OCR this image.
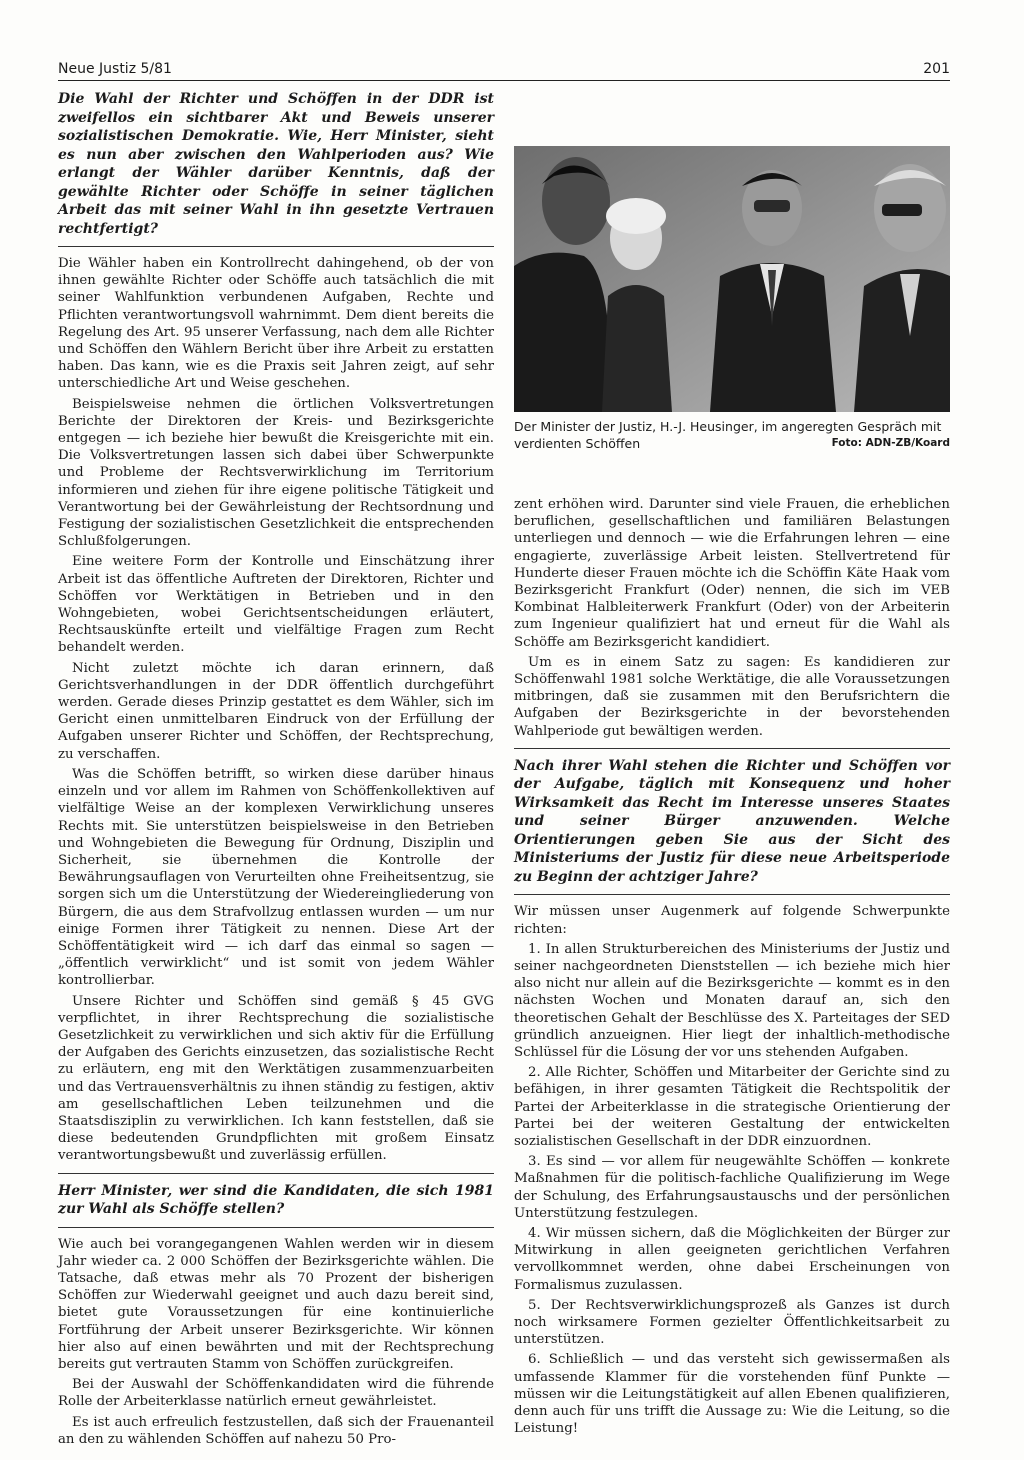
Neue Justiz 5/81	201

Die Wahl der Richter und Schöffen in der DDR ist zweifellos ein sichtbarer Akt und Beweis unserer sozialistischen Demokratie. Wie, Herr Minister, sieht es nun aber zwischen den Wahlperioden aus? Wie erlangt der Wähler darüber Kenntnis, daß der gewählte Richter oder Schöffe in seiner täglichen Arbeit das mit seiner Wahl in ihn gesetzte Vertrauen rechtfertigt?

Die Wähler haben ein Kontrollrecht dahingehend, ob der von ihnen gewählte Richter oder Schöffe auch tatsächlich die mit seiner Wahlfunktion verbundenen Aufgaben, Rechte und Pflichten verantwortungsvoll wahrnimmt. Dem dient bereits die Regelung des Art. 95 unserer Verfassung, nach dem alle Richter und Schöffen den Wählern Bericht über ihre Arbeit zu erstatten haben. Das kann, wie es die Praxis seit Jahren zeigt, auf sehr unterschiedliche Art und Weise geschehen.

Beispielsweise nehmen die örtlichen Volksvertretungen Berichte der Direktoren der Kreis- und Bezirksgerichte entgegen — ich beziehe hier bewußt die Kreisgerichte mit ein. Die Volksvertretungen lassen sich dabei über Schwerpunkte und Probleme der Rechtsverwirklichung im Territorium informieren und ziehen für ihre eigene politische Tätigkeit und Verantwortung bei der Gewährleistung der Rechtsordnung und Festigung der sozialistischen Gesetzlichkeit die entsprechenden Schlußfolgerungen.

Eine weitere Form der Kontrolle und Einschätzung ihrer Arbeit ist das öffentliche Auftreten der Direktoren, Richter und Schöffen vor Werktätigen in Betrieben und in den Wohngebieten, wobei Gerichtsentscheidungen erläutert, Rechtsauskünfte erteilt und vielfältige Fragen zum Recht behandelt werden.

Nicht zuletzt möchte ich daran erinnern, daß Gerichtsverhandlungen in der DDR öffentlich durchgeführt werden. Gerade dieses Prinzip gestattet es dem Wähler, sich im Gericht einen unmittelbaren Eindruck von der Erfüllung der Aufgaben unserer Richter und Schöffen, der Rechtsprechung, zu verschaffen.

Was die Schöffen betrifft, so wirken diese darüber hinaus einzeln und vor allem im Rahmen von Schöffenkollektiven auf vielfältige Weise an der komplexen Verwirklichung unseres Rechts mit. Sie unterstützen beispielsweise in den Betrieben und Wohngebieten die Bewegung für Ordnung, Disziplin und Sicherheit, sie übernehmen die Kontrolle der Bewährungsauflagen von Verurteilten ohne Freiheitsentzug, sie sorgen sich um die Unterstützung der Wiedereingliederung von Bürgern, die aus dem Strafvollzug entlassen wurden — um nur einige Formen ihrer Tätigkeit zu nennen. Diese Art der Schöffentätigkeit wird — ich darf das einmal so sagen — „öffentlich verwirklicht“ und ist somit von jedem Wähler kontrollierbar.

Unsere Richter und Schöffen sind gemäß § 45 GVG verpflichtet, in ihrer Rechtsprechung die sozialistische Gesetzlichkeit zu verwirklichen und sich aktiv für die Erfüllung der Aufgaben des Gerichts einzusetzen, das sozialistische Recht zu erläutern, eng mit den Werktätigen zusammenzuarbeiten und das Vertrauensverhältnis zu ihnen ständig zu festigen, aktiv am gesellschaftlichen Leben teilzunehmen und die Staatsdisziplin zu verwirklichen. Ich kann feststellen, daß sie diese bedeutenden Grundpflichten mit großem Einsatz verantwortungsbewußt und zuverlässig erfüllen.

Herr Minister, wer sind die Kandidaten, die sich 1981 zur Wahl als Schöffe stellen?

Wie auch bei vorangegangenen Wahlen werden wir in diesem Jahr wieder ca. 2 000 Schöffen der Bezirksgerichte wählen. Die Tatsache, daß etwas mehr als 70 Prozent der bisherigen Schöffen zur Wiederwahl geeignet und auch dazu bereit sind, bietet gute Voraussetzungen für eine kontinuierliche Fortführung der Arbeit unserer Bezirksgerichte. Wir können hier also auf einen bewährten und mit der Rechtsprechung bereits gut vertrauten Stamm von Schöffen zurückgreifen.

Bei der Auswahl der Schöffenkandidaten wird die führende Rolle der Arbeiterklasse natürlich erneut gewährleistet.

Es ist auch erfreulich festzustellen, daß sich der Frauenanteil an den zu wählenden Schöffen auf nahezu 50 Pro-

Der Minister der Justiz, H.-J. Heusinger, im angeregten Gespräch mit verdienten Schöffen	Foto: ADN-ZB/Koard

zent erhöhen wird. Darunter sind viele Frauen, die erheblichen beruflichen, gesellschaftlichen und familiären Belastungen unterliegen und dennoch — wie die Erfahrungen lehren — eine engagierte, zuverlässige Arbeit leisten. Stellvertretend für Hunderte dieser Frauen möchte ich die Schöffin Käte Haak vom Bezirksgericht Frankfurt (Oder) nennen, die sich im VEB Kombinat Halbleiterwerk Frankfurt (Oder) von der Arbeiterin zum Ingenieur qualifiziert hat und erneut für die Wahl als Schöffe am Bezirksgericht kandidiert.

Um es in einem Satz zu sagen: Es kandidieren zur Schöffenwahl 1981 solche Werktätige, die alle Voraussetzungen mitbringen, daß sie zusammen mit den Berufsrichtern die Aufgaben der Bezirksgerichte in der bevorstehenden Wahlperiode gut bewältigen werden.

Nach ihrer Wahl stehen die Richter und Schöffen vor der Aufgabe, täglich mit Konsequenz und hoher Wirksamkeit das Recht im Interesse unseres Staates und seiner Bürger anzuwenden. Welche Orientierungen geben Sie aus der Sicht des Ministeriums der Justiz für diese neue Arbeitsperiode zu Beginn der achtziger Jahre?

Wir müssen unser Augenmerk auf folgende Schwerpunkte richten:

1. In allen Strukturbereichen des Ministeriums der Justiz und seiner nachgeordneten Dienststellen — ich beziehe mich hier also nicht nur allein auf die Bezirksgerichte — kommt es in den nächsten Wochen und Monaten darauf an, sich den theoretischen Gehalt der Beschlüsse des X. Parteitages der SED gründlich anzueignen. Hier liegt der inhaltlich-methodische Schlüssel für die Lösung der vor uns stehenden Aufgaben.

2. Alle Richter, Schöffen und Mitarbeiter der Gerichte sind zu befähigen, in ihrer gesamten Tätigkeit die Rechtspolitik der Partei der Arbeiterklasse in die strategische Orientierung der Partei bei der weiteren Gestaltung der entwickelten sozialistischen Gesellschaft in der DDR einzuordnen.

3. Es sind — vor allem für neugewählte Schöffen — konkrete Maßnahmen für die politisch-fachliche Qualifizierung im Wege der Schulung, des Erfahrungsaustauschs und der persönlichen Unterstützung festzulegen.

4. Wir müssen sichern, daß die Möglichkeiten der Bürger zur Mitwirkung in allen geeigneten gerichtlichen Verfahren vervollkommnet werden, ohne dabei Erscheinungen von Formalismus zuzulassen.

5. Der Rechtsverwirklichungsprozeß als Ganzes ist durch noch wirksamere Formen gezielter Öffentlichkeitsarbeit zu unterstützen.

6. Schließlich — und das versteht sich gewissermaßen als umfassende Klammer für die vorstehenden fünf Punkte — müssen wir die Leitungstätigkeit auf allen Ebenen qualifizieren, denn auch für uns trifft die Aussage zu: Wie die Leitung, so die Leistung!
